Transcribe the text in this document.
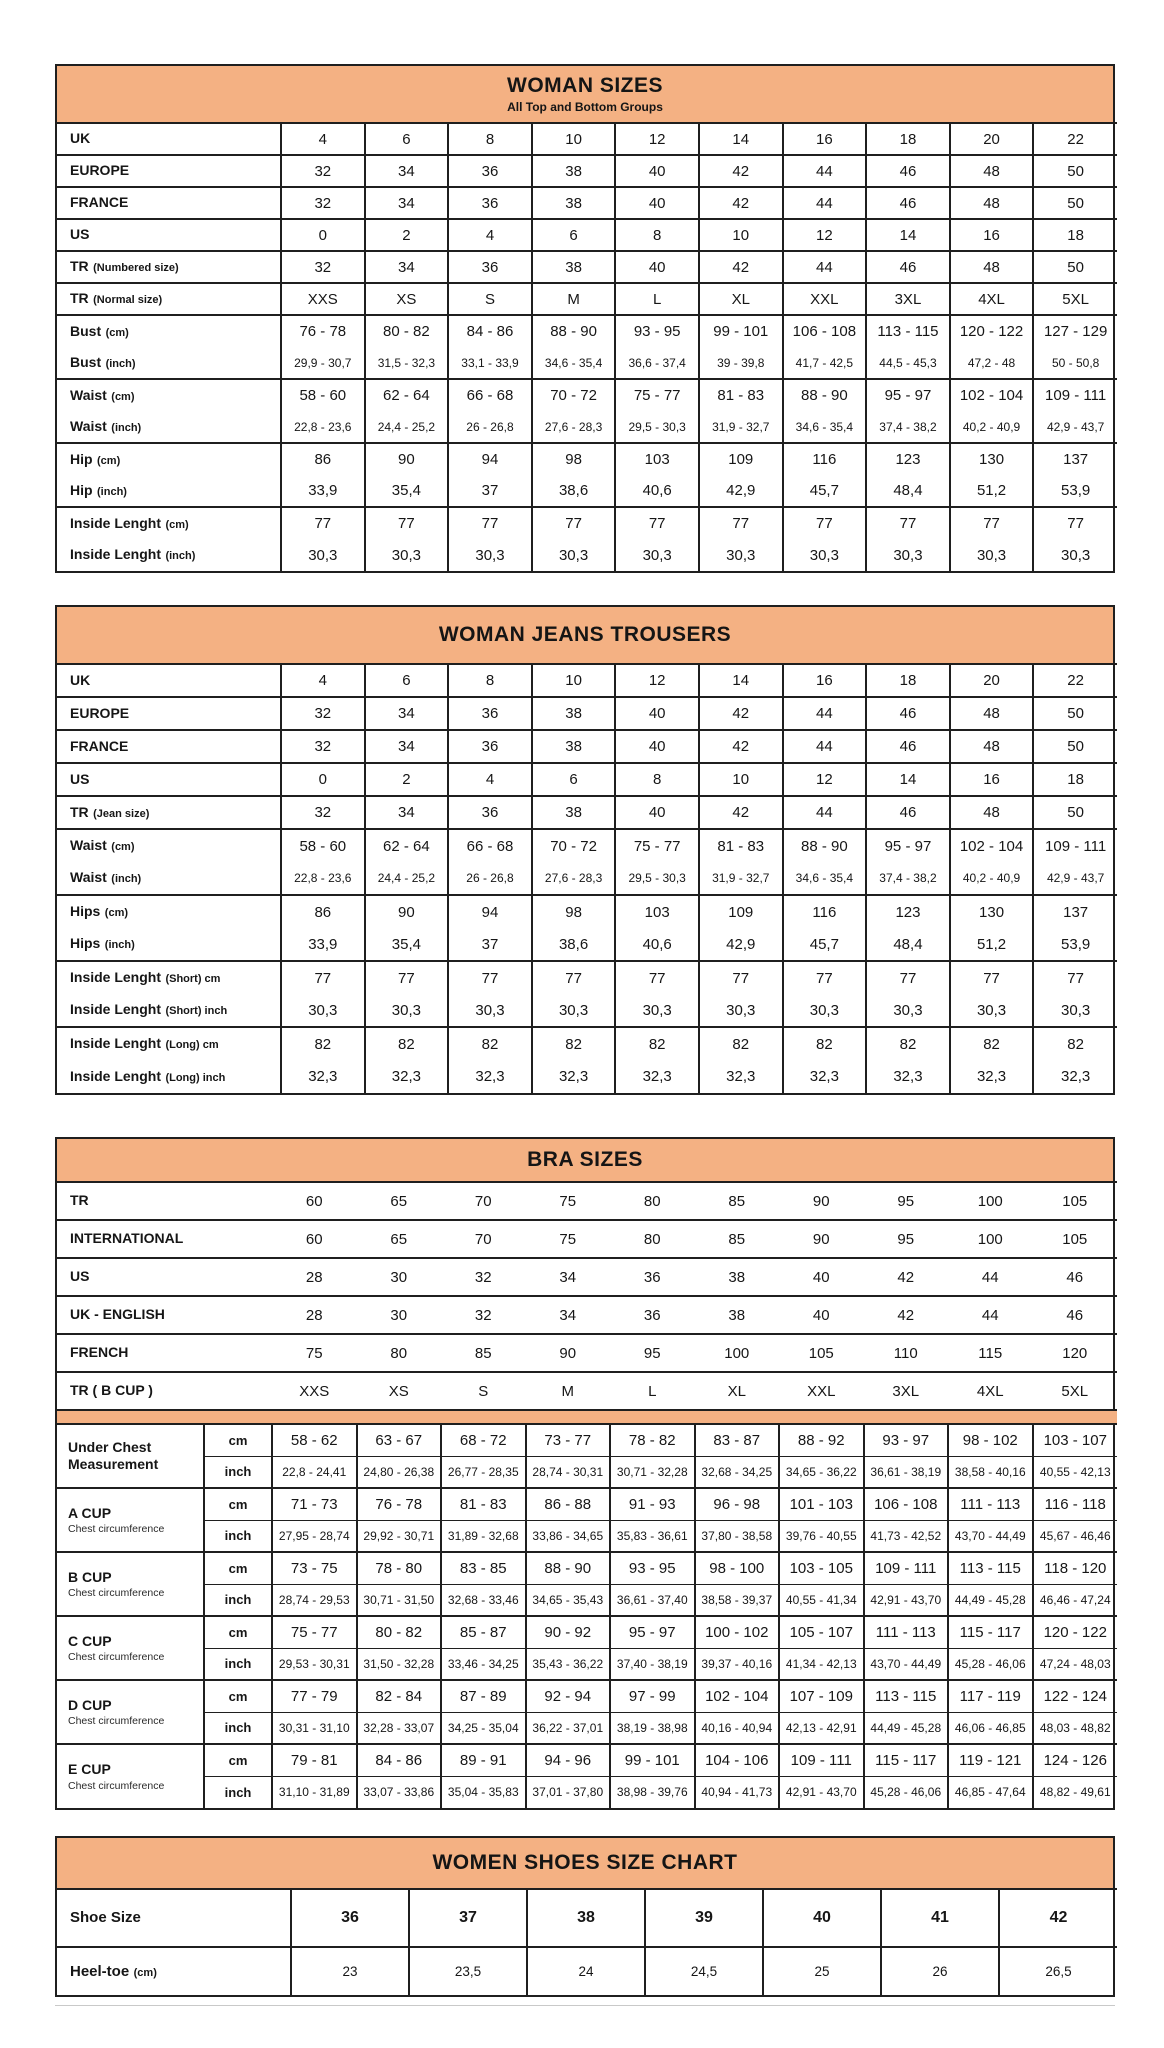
WOMAN SIZES
All Top and Bottom Groups
UK	4	6	8	10	12	14	16	18	20	22
EUROPE	32	34	36	38	40	42	44	46	48	50
FRANCE	32	34	36	38	40	42	44	46	48	50
US	0	2	4	6	8	10	12	14	16	18
TR (Numbered size)	32	34	36	38	40	42	44	46	48	50
TR (Normal size)	XXS	XS	S	M	L	XL	XXL	3XL	4XL	5XL
Bust (cm)	76 - 78	80 - 82	84 - 86	88 - 90	93 - 95	99 - 101	106 - 108	113 - 115	120 - 122	127 - 129
Bust (inch)	29,9 - 30,7	31,5 - 32,3	33,1 - 33,9	34,6 - 35,4	36,6 - 37,4	39 - 39,8	41,7 - 42,5	44,5 - 45,3	47,2 - 48	50 - 50,8
Waist (cm)	58 - 60	62 - 64	66 - 68	70 - 72	75 - 77	81 - 83	88 - 90	95 - 97	102 - 104	109 - 111
Waist (inch)	22,8 - 23,6	24,4 - 25,2	26 - 26,8	27,6 - 28,3	29,5 - 30,3	31,9 - 32,7	34,6 - 35,4	37,4 - 38,2	40,2 - 40,9	42,9 - 43,7
Hip (cm)	86	90	94	98	103	109	116	123	130	137
Hip (inch)	33,9	35,4	37	38,6	40,6	42,9	45,7	48,4	51,2	53,9
Inside Lenght (cm)	77	77	77	77	77	77	77	77	77	77
Inside Lenght (inch)	30,3	30,3	30,3	30,3	30,3	30,3	30,3	30,3	30,3	30,3
WOMAN JEANS TROUSERS
UK	4	6	8	10	12	14	16	18	20	22
EUROPE	32	34	36	38	40	42	44	46	48	50
FRANCE	32	34	36	38	40	42	44	46	48	50
US	0	2	4	6	8	10	12	14	16	18
TR (Jean size)	32	34	36	38	40	42	44	46	48	50
Waist (cm)	58 - 60	62 - 64	66 - 68	70 - 72	75 - 77	81 - 83	88 - 90	95 - 97	102 - 104	109 - 111
Waist (inch)	22,8 - 23,6	24,4 - 25,2	26 - 26,8	27,6 - 28,3	29,5 - 30,3	31,9 - 32,7	34,6 - 35,4	37,4 - 38,2	40,2 - 40,9	42,9 - 43,7
Hips (cm)	86	90	94	98	103	109	116	123	130	137
Hips (inch)	33,9	35,4	37	38,6	40,6	42,9	45,7	48,4	51,2	53,9
Inside Lenght (Short) cm	77	77	77	77	77	77	77	77	77	77
Inside Lenght (Short) inch	30,3	30,3	30,3	30,3	30,3	30,3	30,3	30,3	30,3	30,3
Inside Lenght (Long) cm	82	82	82	82	82	82	82	82	82	82
Inside Lenght (Long) inch	32,3	32,3	32,3	32,3	32,3	32,3	32,3	32,3	32,3	32,3
BRA SIZES
TR		60	65	70	75	80	85	90	95	100	105
INTERNATIONAL		60	65	70	75	80	85	90	95	100	105
US		28	30	32	34	36	38	40	42	44	46
UK - ENGLISH		28	30	32	34	36	38	40	42	44	46
FRENCH		75	80	85	90	95	100	105	110	115	120
TR ( B CUP )		XXS	XS	S	M	L	XL	XXL	3XL	4XL	5XL

Under Chest Measurement	cm	58 - 62	63 - 67	68 - 72	73 - 77	78 - 82	83 - 87	88 - 92	93 - 97	98 - 102	103 - 107
	inch	22,8 - 24,41	24,80 - 26,38	26,77 - 28,35	28,74 - 30,31	30,71 - 32,28	32,68 - 34,25	34,65 - 36,22	36,61 - 38,19	38,58 - 40,16	40,55 - 42,13

A CUP
Chest circumference	cm	71 - 73	76 - 78	81 - 83	86 - 88	91 - 93	96 - 98	101 - 103	106 - 108	111 - 113	116 - 118
	inch	27,95 - 28,74	29,92 - 30,71	31,89 - 32,68	33,86 - 34,65	35,83 - 36,61	37,80 - 38,58	39,76 - 40,55	41,73 - 42,52	43,70 - 44,49	45,67 - 46,46

B CUP
Chest circumference	cm	73 - 75	78 - 80	83 - 85	88 - 90	93 - 95	98 - 100	103 - 105	109 - 111	113 - 115	118 - 120
	inch	28,74 - 29,53	30,71 - 31,50	32,68 - 33,46	34,65 - 35,43	36,61 - 37,40	38,58 - 39,37	40,55 - 41,34	42,91 - 43,70	44,49 - 45,28	46,46 - 47,24

C CUP
Chest circumference	cm	75 - 77	80 - 82	85 - 87	90 - 92	95 - 97	100 - 102	105 - 107	111 - 113	115 - 117	120 - 122
	inch	29,53 - 30,31	31,50 - 32,28	33,46 - 34,25	35,43 - 36,22	37,40 - 38,19	39,37 - 40,16	41,34 - 42,13	43,70 - 44,49	45,28 - 46,06	47,24 - 48,03

D CUP
Chest circumference	cm	77 - 79	82 - 84	87 - 89	92 - 94	97 - 99	102 - 104	107 - 109	113 - 115	117 - 119	122 - 124
	inch	30,31 - 31,10	32,28 - 33,07	34,25 - 35,04	36,22 - 37,01	38,19 - 38,98	40,16 - 40,94	42,13 - 42,91	44,49 - 45,28	46,06 - 46,85	48,03 - 48,82

E CUP
Chest circumference	cm	79 - 81	84 - 86	89 - 91	94 - 96	99 - 101	104 - 106	109 - 111	115 - 117	119 - 121	124 - 126
	inch	31,10 - 31,89	33,07 - 33,86	35,04 - 35,83	37,01 - 37,80	38,98 - 39,76	40,94 - 41,73	42,91 - 43,70	45,28 - 46,06	46,85 - 47,64	48,82 - 49,61
WOMEN SHOES SIZE CHART
Shoe Size	36	37	38	39	40	41	42
Heel-toe (cm)	23	23,5	24	24,5	25	26	26,5
